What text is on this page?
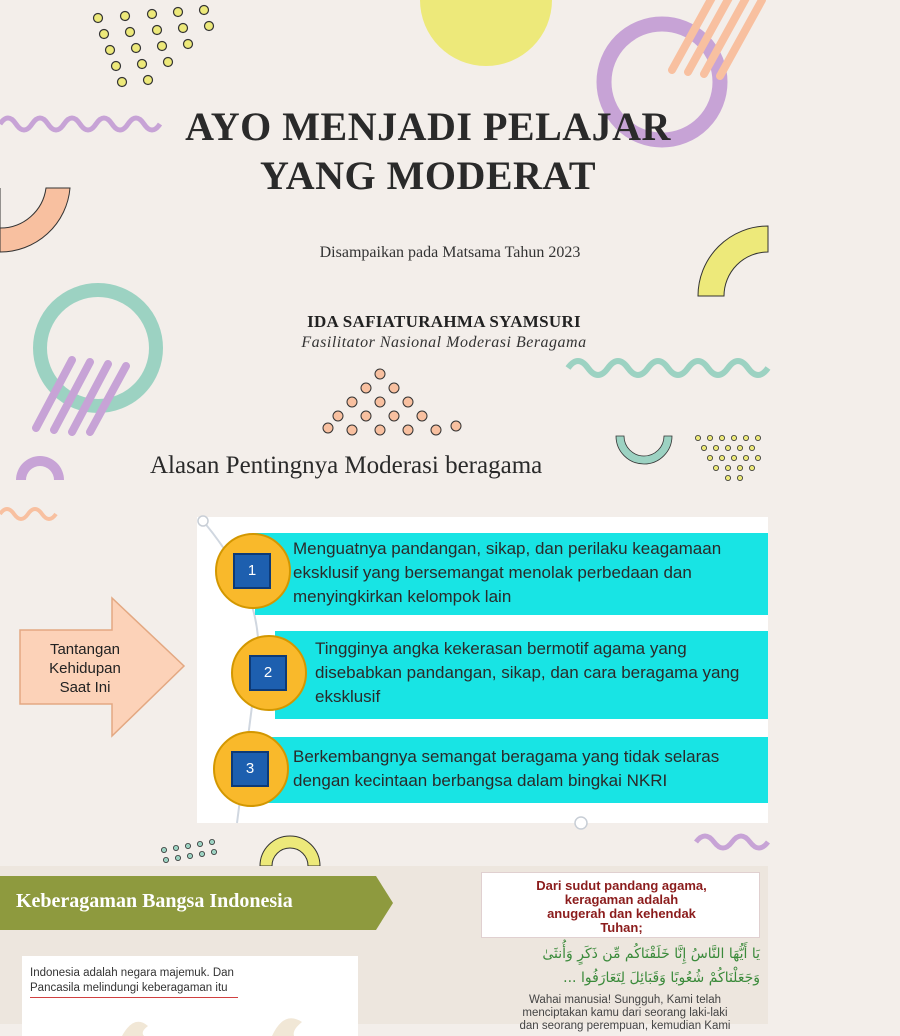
AYO MENJADI PELAJAR
YANG MODERAT
Disampaikan pada Matsama Tahun 2023
IDA SAFIATURAHMA SYAMSURI
Fasilitator Nasional Moderasi Beragama
Alasan Pentingnya Moderasi beragama
Tantangan
Kehidupan
Saat Ini
Menguatnya pandangan, sikap, dan perilaku keagamaan
eksklusif yang bersemangat menolak perbedaan dan
menyingkirkan kelompok lain
1
Tingginya angka kekerasan bermotif agama yang
disebabkan pandangan, sikap, dan cara beragama yang
eksklusif
2
Berkembangnya semangat beragama yang tidak selaras
dengan kecintaan berbangsa dalam bingkai NKRI
3
Keberagaman Bangsa Indonesia
Indonesia adalah negara majemuk. Dan
Pancasila melindungi keberagaman itu
Dari sudut pandang agama,
keragaman adalah
anugerah dan kehendak
Tuhan;
يَا أَيُّهَا النَّاسُ إِنَّا خَلَقْنَاكُم مِّن ذَكَرٍ وَأُنثَىٰ
وَجَعَلْنَاكُمْ شُعُوبًا وَقَبَائِلَ لِتَعَارَفُوا ...
Wahai manusia! Sungguh, Kami telah
menciptakan kamu dari seorang laki-laki
dan seorang perempuan, kemudian Kami
